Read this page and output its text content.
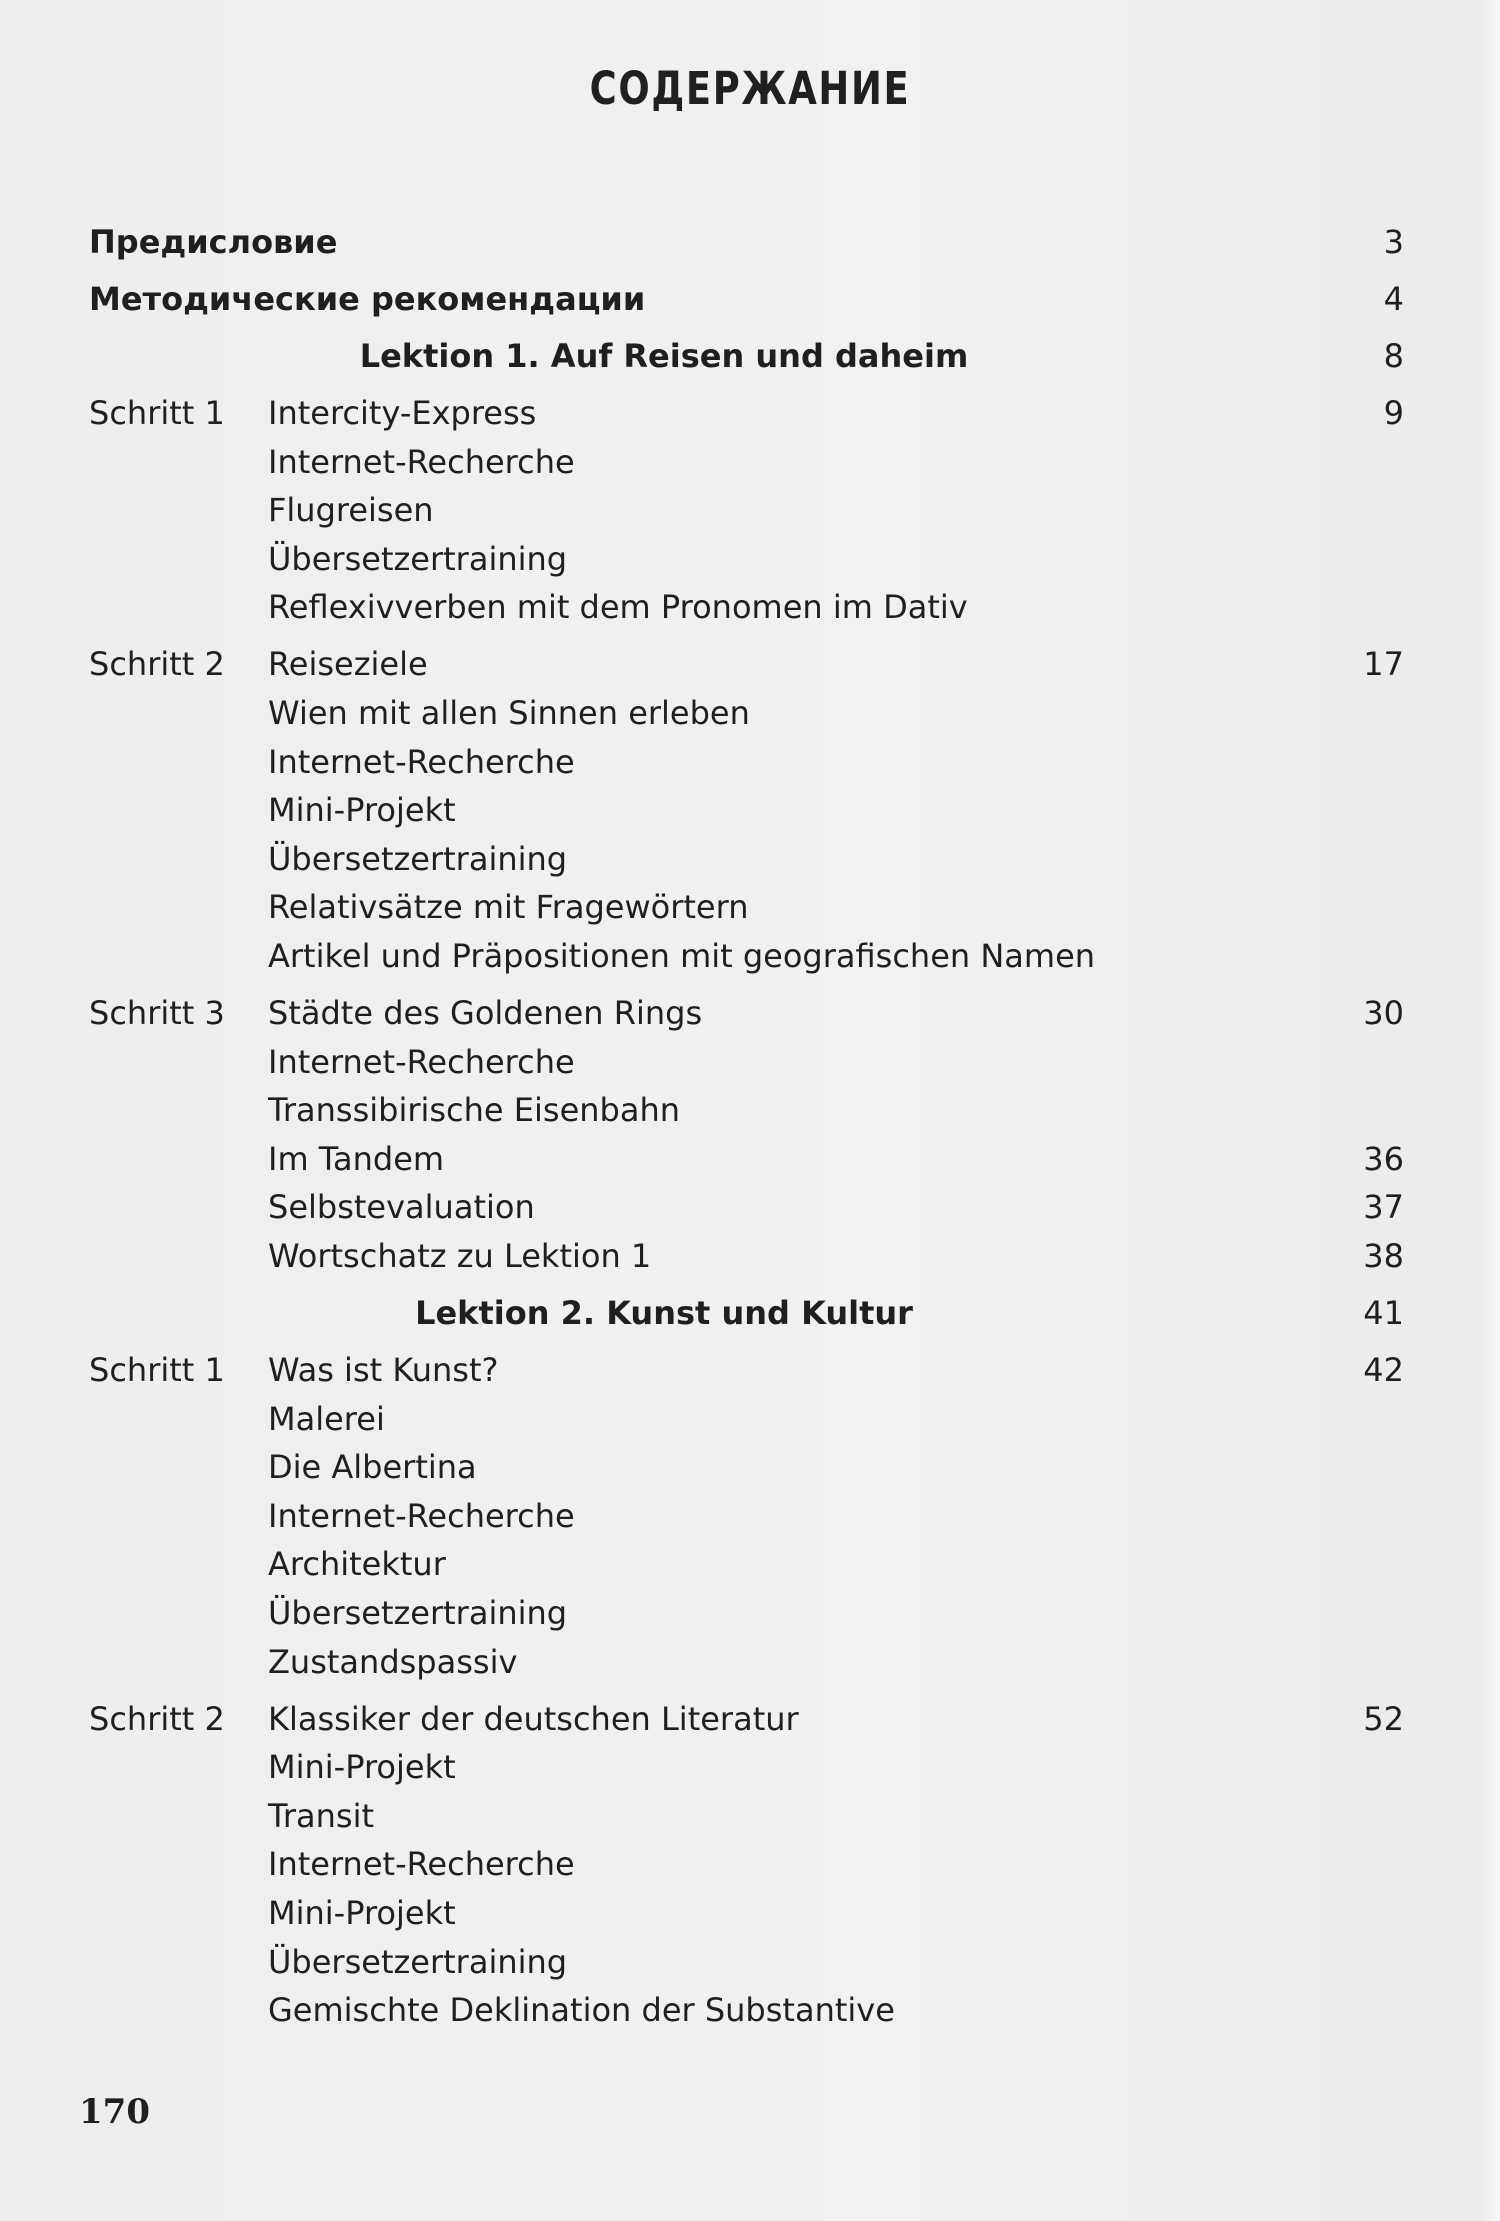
СОДЕРЖАНИЕ
Предисловие	3
Методические рекомендации	4
Lektion 1. Auf Reisen und daheim	8
Schritt 1 Intercity-Express	9
Internet-Recherche
Flugreisen
Übersetzertraining
Reflexivverben mit dem Pronomen im Dativ
Schritt 2 Reiseziele	17
Wien mit allen Sinnen erleben
Internet-Recherche
Mini-Projekt
Übersetzertraining
Relativsätze mit Fragewörtern
Artikel und Präpositionen mit geografischen Namen
Schritt 3 Städte des Goldenen Rings	30
Internet-Recherche
Transsibirische Eisenbahn
Im Tandem	36
Selbstevaluation	37
Wortschatz zu Lektion 1	38
Lektion 2. Kunst und Kultur	41
Schritt 1 Was ist Kunst?	42
Malerei
Die Albertina
Internet-Recherche
Architektur
Übersetzertraining
Zustandspassiv
Schritt 2 Klassiker der deutschen Literatur	52
Mini-Projekt
Transit
Internet-Recherche
Mini-Projekt
Übersetzertraining
Gemischte Deklination der Substantive
170
